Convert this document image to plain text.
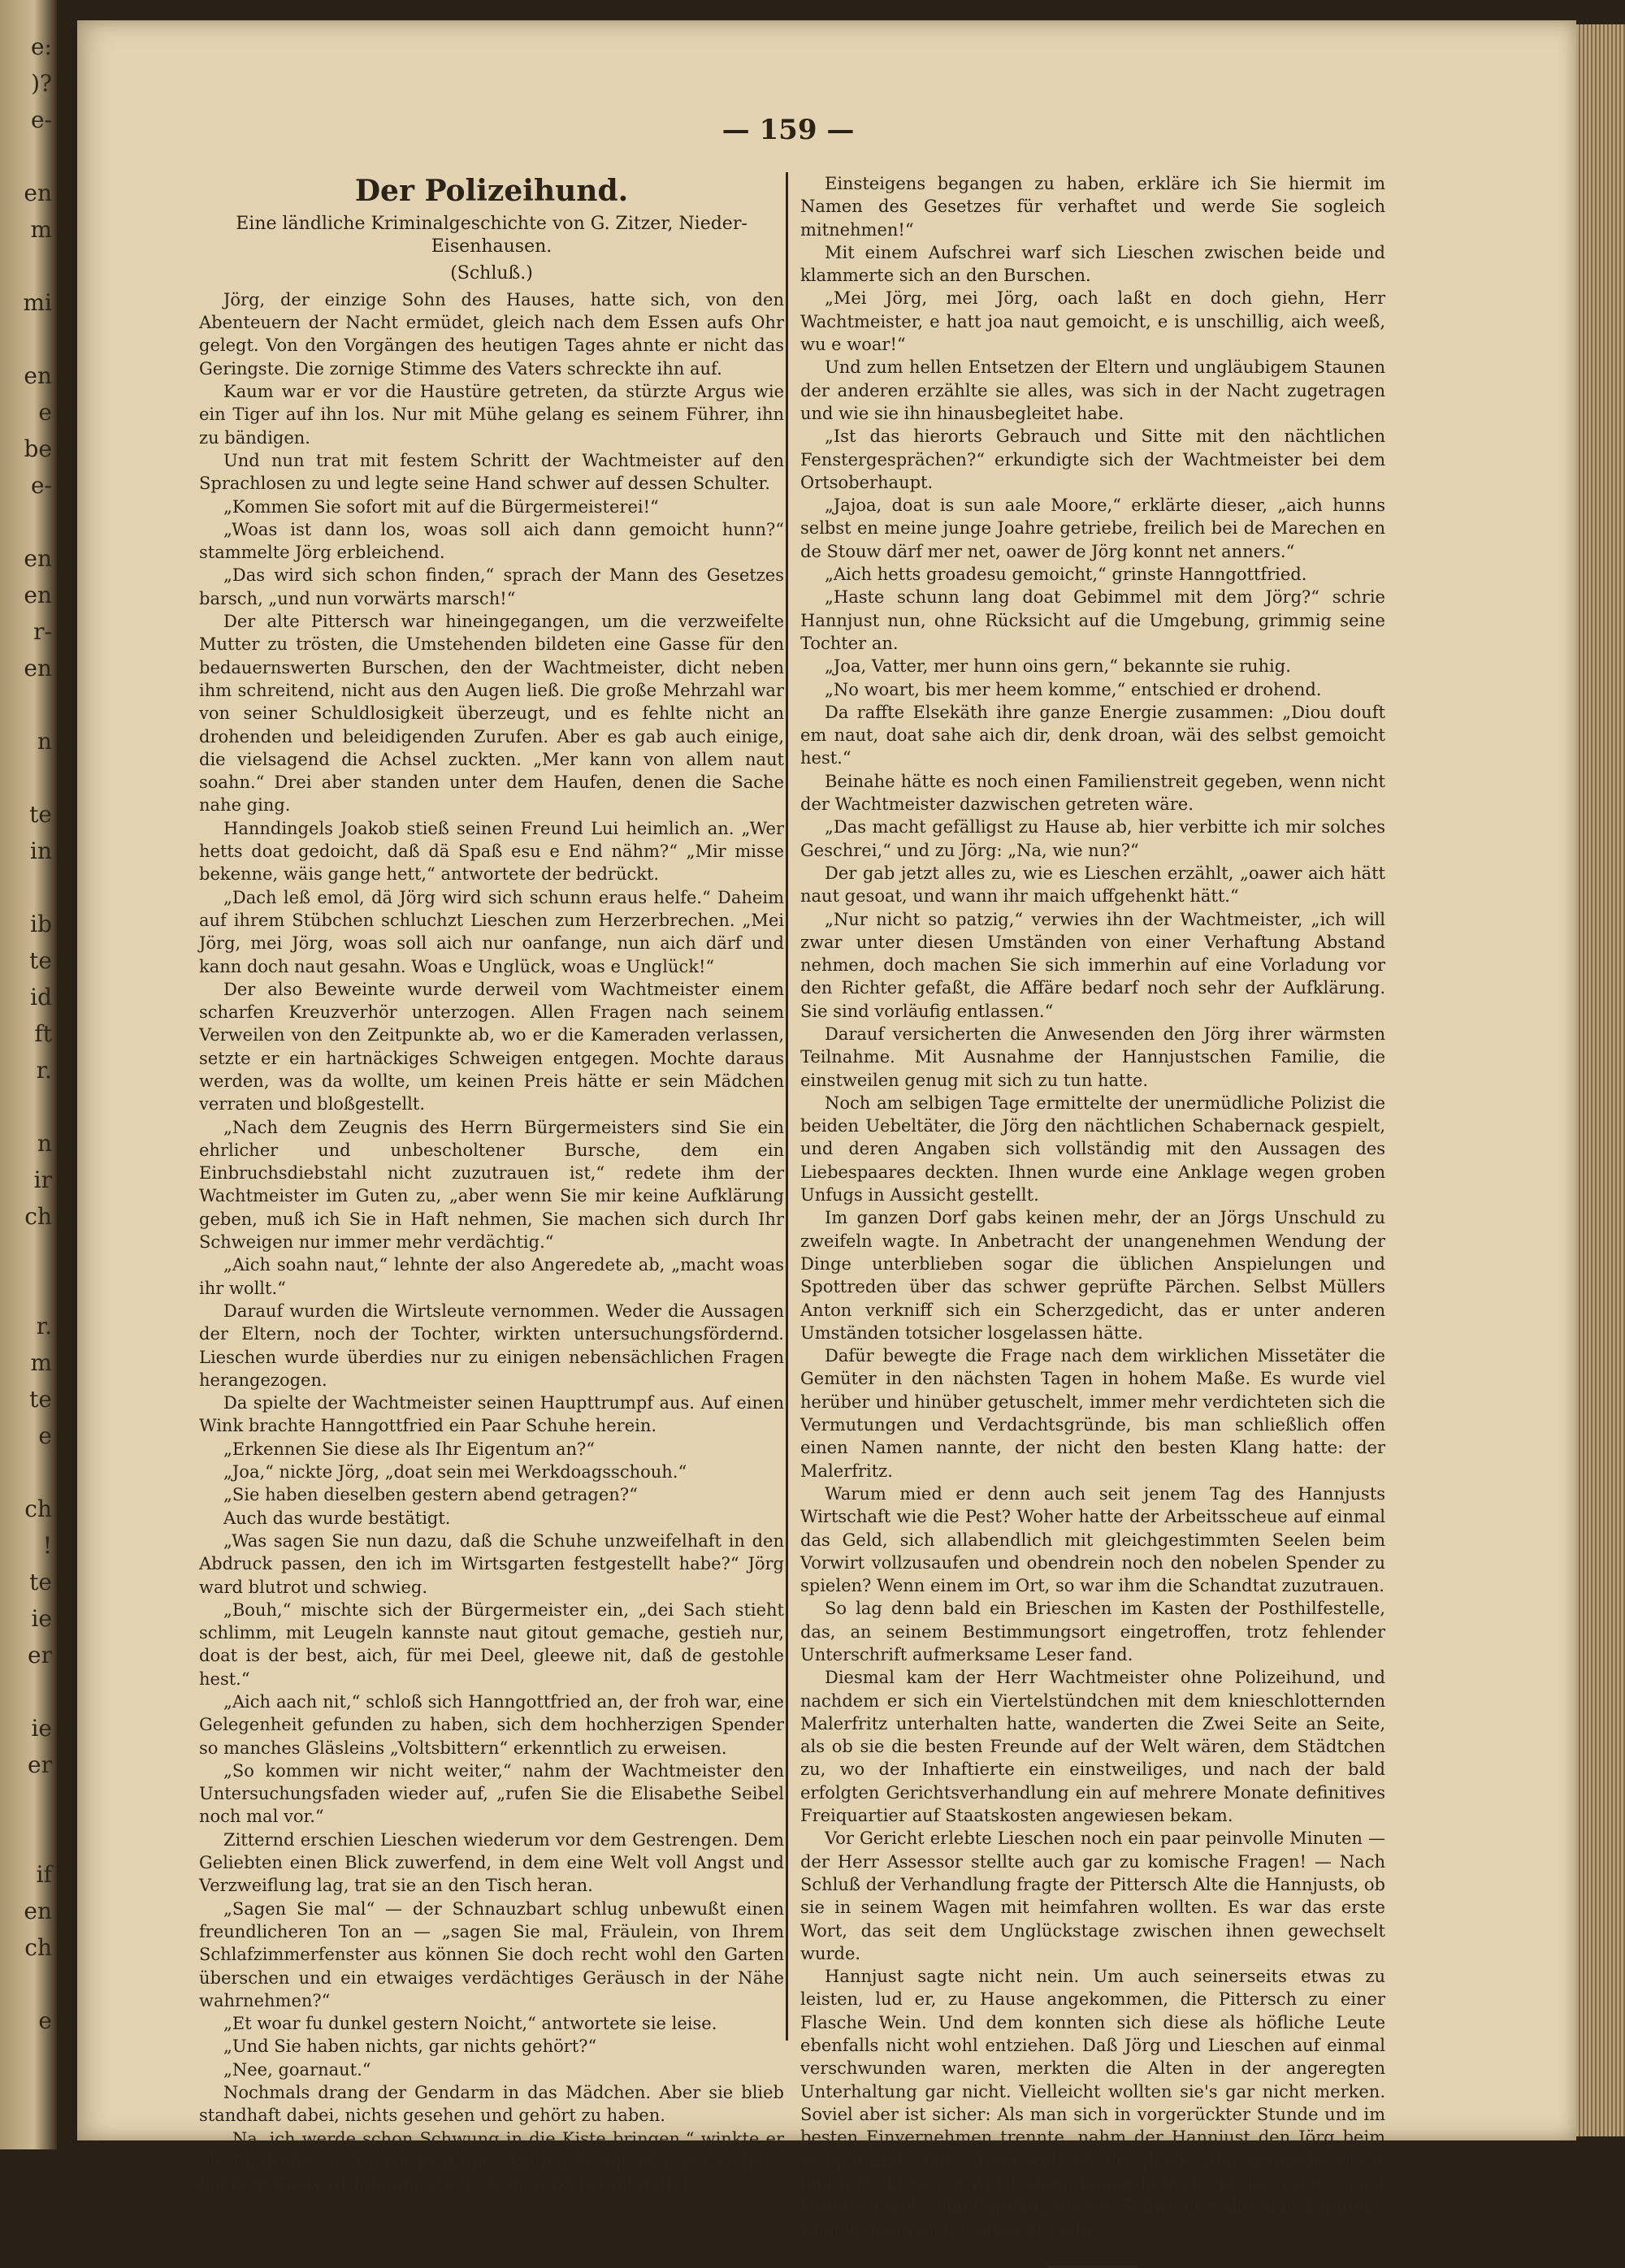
e:
)?
e-
en
m
mi
en
e
be
e-
en
en
r-
en
n
te
in
ib
te
id
ft
r.
n
ir
ch
r.
m
te
e
ch
!
te
ie
er
ie
er
if
en
ch
e
— 159 —
Der Polizeihund.

Eine ländliche Kriminalgeschichte von G. Zitzer, Nieder-Eisenhausen.

(Schluß.)

Jörg, der einzige Sohn des Hauses, hatte sich, von den Abenteuern der Nacht ermüdet, gleich nach dem Essen aufs Ohr gelegt. Von den Vorgängen des heutigen Tages ahnte er nicht das Geringste. Die zornige Stimme des Vaters schreckte ihn auf.

Kaum war er vor die Haustüre getreten, da stürzte Argus wie ein Tiger auf ihn los. Nur mit Mühe gelang es seinem Führer, ihn zu bändigen.

Und nun trat mit festem Schritt der Wachtmeister auf den Sprachlosen zu und legte seine Hand schwer auf dessen Schulter.

„Kommen Sie sofort mit auf die Bürgermeisterei!“

„Woas ist dann los, woas soll aich dann gemoicht hunn?“ stammelte Jörg erbleichend.

„Das wird sich schon finden,“ sprach der Mann des Gesetzes barsch, „und nun vorwärts marsch!“

Der alte Pittersch war hineingegangen, um die verzweifelte Mutter zu trösten, die Umstehenden bildeten eine Gasse für den bedauernswerten Burschen, den der Wachtmeister, dicht neben ihm schreitend, nicht aus den Augen ließ. Die große Mehrzahl war von seiner Schuldlosigkeit überzeugt, und es fehlte nicht an drohenden und beleidigenden Zurufen. Aber es gab auch einige, die vielsagend die Achsel zuckten. „Mer kann von allem naut soahn.“ Drei aber standen unter dem Haufen, denen die Sache nahe ging.

Hanndingels Joakob stieß seinen Freund Lui heimlich an. „Wer hetts doat gedoicht, daß dä Spaß esu e End nähm?“ „Mir misse bekenne, wäis gange hett,“ antwortete der bedrückt.

„Dach leß emol, dä Jörg wird sich schunn eraus helfe.“ Daheim auf ihrem Stübchen schluchzt Lieschen zum Herzerbrechen. „Mei Jörg, mei Jörg, woas soll aich nur oanfange, nun aich därf und kann doch naut gesahn. Woas e Unglück, woas e Unglück!“

Der also Beweinte wurde derweil vom Wachtmeister einem scharfen Kreuzverhör unterzogen. Allen Fragen nach seinem Verweilen von den Zeitpunkte ab, wo er die Kameraden verlassen, setzte er ein hartnäckiges Schweigen entgegen. Mochte daraus werden, was da wollte, um keinen Preis hätte er sein Mädchen verraten und bloßgestellt.

„Nach dem Zeugnis des Herrn Bürgermeisters sind Sie ein ehrlicher und unbescholtener Bursche, dem ein Einbruchsdiebstahl nicht zuzutrauen ist,“ redete ihm der Wachtmeister im Guten zu, „aber wenn Sie mir keine Aufklärung geben, muß ich Sie in Haft nehmen, Sie machen sich durch Ihr Schweigen nur immer mehr verdächtig.“

„Aich soahn naut,“ lehnte der also Angeredete ab, „macht woas ihr wollt.“

Darauf wurden die Wirtsleute vernommen. Weder die Aussagen der Eltern, noch der Tochter, wirkten untersuchungsfördernd. Lieschen wurde überdies nur zu einigen nebensächlichen Fragen herangezogen.

Da spielte der Wachtmeister seinen Haupttrumpf aus. Auf einen Wink brachte Hanngottfried ein Paar Schuhe herein.

„Erkennen Sie diese als Ihr Eigentum an?“

„Joa,“ nickte Jörg, „doat sein mei Werkdoagsschouh.“

„Sie haben dieselben gestern abend getragen?“

Auch das wurde bestätigt.

„Was sagen Sie nun dazu, daß die Schuhe unzweifelhaft in den Abdruck passen, den ich im Wirtsgarten festgestellt habe?“ Jörg ward blutrot und schwieg.

„Bouh,“ mischte sich der Bürgermeister ein, „dei Sach stieht schlimm, mit Leugeln kannste naut gitout gemache, gestieh nur, doat is der best, aich, für mei Deel, gleewe nit, daß de gestohle hest.“

„Aich aach nit,“ schloß sich Hanngottfried an, der froh war, eine Gelegenheit gefunden zu haben, sich dem hochherzigen Spender so manches Gläsleins „Voltsbittern“ erkenntlich zu erweisen.

„So kommen wir nicht weiter,“ nahm der Wachtmeister den Untersuchungsfaden wieder auf, „rufen Sie die Elisabethe Seibel noch mal vor.“

Zitternd erschien Lieschen wiederum vor dem Gestrengen. Dem Geliebten einen Blick zuwerfend, in dem eine Welt voll Angst und Verzweiflung lag, trat sie an den Tisch heran.

„Sagen Sie mal“ — der Schnauzbart schlug unbewußt einen freundlicheren Ton an — „sagen Sie mal, Fräulein, von Ihrem Schlafzimmerfenster aus können Sie doch recht wohl den Garten überschen und ein etwaiges verdächtiges Geräusch in der Nähe wahrnehmen?“

„Et woar fu dunkel gestern Noicht,“ antwortete sie leise.

„Und Sie haben nichts, gar nichts gehört?“

„Nee, goarnaut.“

Nochmals drang der Gendarm in das Mädchen. Aber sie blieb standhaft dabei, nichts gesehen und gehört zu haben.

„Na, ich werde schon Schwung in die Kiste bringen,“ winkte er ab. Er drehte sich nach Jörg um: „Wegen dringenden Verdachtes, bei dem Gastwirt Johannes Seibel einen Diebstahl mittels

Einsteigens begangen zu haben, erkläre ich Sie hiermit im Namen des Gesetzes für verhaftet und werde Sie sogleich mitnehmen!“

Mit einem Aufschrei warf sich Lieschen zwischen beide und klammerte sich an den Burschen.

„Mei Jörg, mei Jörg, oach laßt en doch giehn, Herr Wachtmeister, e hatt joa naut gemoicht, e is unschillig, aich weeß, wu e woar!“

Und zum hellen Entsetzen der Eltern und ungläubigem Staunen der anderen erzählte sie alles, was sich in der Nacht zugetragen und wie sie ihn hinausbegleitet habe.

„Ist das hierorts Gebrauch und Sitte mit den nächtlichen Fenstergesprächen?“ erkundigte sich der Wachtmeister bei dem Ortsoberhaupt.

„Jajoa, doat is sun aale Moore,“ erklärte dieser, „aich hunns selbst en meine junge Joahre getriebe, freilich bei de Marechen en de Stouw därf mer net, oawer de Jörg konnt net anners.“

„Aich hetts groadesu gemoicht,“ grinste Hanngottfried.

„Haste schunn lang doat Gebimmel mit dem Jörg?“ schrie Hannjust nun, ohne Rücksicht auf die Umgebung, grimmig seine Tochter an.

„Joa, Vatter, mer hunn oins gern,“ bekannte sie ruhig.

„No woart, bis mer heem komme,“ entschied er drohend.

Da raffte Elsekäth ihre ganze Energie zusammen: „Diou douft em naut, doat sahe aich dir, denk droan, wäi des selbst gemoicht hest.“

Beinahe hätte es noch einen Familienstreit gegeben, wenn nicht der Wachtmeister dazwischen getreten wäre.

„Das macht gefälligst zu Hause ab, hier verbitte ich mir solches Geschrei,“ und zu Jörg: „Na, wie nun?“

Der gab jetzt alles zu, wie es Lieschen erzählt, „oawer aich hätt naut gesoat, und wann ihr maich uffgehenkt hätt.“

„Nur nicht so patzig,“ verwies ihn der Wachtmeister, „ich will zwar unter diesen Umständen von einer Verhaftung Abstand nehmen, doch machen Sie sich immerhin auf eine Vorladung vor den Richter gefaßt, die Affäre bedarf noch sehr der Aufklärung. Sie sind vorläufig entlassen.“

Darauf versicherten die Anwesenden den Jörg ihrer wärmsten Teilnahme. Mit Ausnahme der Hannjustschen Familie, die einstweilen genug mit sich zu tun hatte.

Noch am selbigen Tage ermittelte der unermüdliche Polizist die beiden Uebeltäter, die Jörg den nächtlichen Schabernack gespielt, und deren Angaben sich vollständig mit den Aussagen des Liebespaares deckten. Ihnen wurde eine Anklage wegen groben Unfugs in Aussicht gestellt.

Im ganzen Dorf gabs keinen mehr, der an Jörgs Unschuld zu zweifeln wagte. In Anbetracht der unangenehmen Wendung der Dinge unterblieben sogar die üblichen Anspielungen und Spottreden über das schwer geprüfte Pärchen. Selbst Müllers Anton verkniff sich ein Scherzgedicht, das er unter anderen Umständen totsicher losgelassen hätte.

Dafür bewegte die Frage nach dem wirklichen Missetäter die Gemüter in den nächsten Tagen in hohem Maße. Es wurde viel herüber und hinüber getuschelt, immer mehr verdichteten sich die Vermutungen und Verdachtsgründe, bis man schließlich offen einen Namen nannte, der nicht den besten Klang hatte: der Malerfritz.

Warum mied er denn auch seit jenem Tag des Hannjusts Wirtschaft wie die Pest? Woher hatte der Arbeitsscheue auf einmal das Geld, sich allabendlich mit gleichgestimmten Seelen beim Vorwirt vollzusaufen und obendrein noch den nobelen Spender zu spielen? Wenn einem im Ort, so war ihm die Schandtat zuzutrauen.

So lag denn bald ein Brieschen im Kasten der Posthilfestelle, das, an seinem Bestimmungsort eingetroffen, trotz fehlender Unterschrift aufmerksame Leser fand.

Diesmal kam der Herr Wachtmeister ohne Polizeihund, und nachdem er sich ein Viertelstündchen mit dem knieschlotternden Malerfritz unterhalten hatte, wanderten die Zwei Seite an Seite, als ob sie die besten Freunde auf der Welt wären, dem Städtchen zu, wo der Inhaftierte ein einstweiliges, und nach der bald erfolgten Gerichtsverhandlung ein auf mehrere Monate definitives Freiquartier auf Staatskosten angewiesen bekam.

Vor Gericht erlebte Lieschen noch ein paar peinvolle Minuten — der Herr Assessor stellte auch gar zu komische Fragen! — Nach Schluß der Verhandlung fragte der Pittersch Alte die Hannjusts, ob sie in seinem Wagen mit heimfahren wollten. Es war das erste Wort, das seit dem Unglückstage zwischen ihnen gewechselt wurde.

Hannjust sagte nicht nein. Um auch seinerseits etwas zu leisten, lud er, zu Hause angekommen, die Pittersch zu einer Flasche Wein. Und dem konnten sich diese als höfliche Leute ebenfalls nicht wohl entziehen. Daß Jörg und Lieschen auf einmal verschwunden waren, merkten die Alten in der angeregten Unterhaltung gar nicht. Vielleicht wollten sie's gar nicht merken. Soviel aber ist sicher: Als man sich in vorgerückter Stunde und im besten Einvernehmen trennte, nahm der Hannjust den Jörg beim Kragen und sagte: „Doat will aich dir gleich sahn, wann de wirrer mol bei's Lieschen willst, dann komm hübsch zur Tür erien, sonst kennt's emol schief giehn, un en Schwiegersohn mit kaputene Knoche kann aich naut gebrauche.“
